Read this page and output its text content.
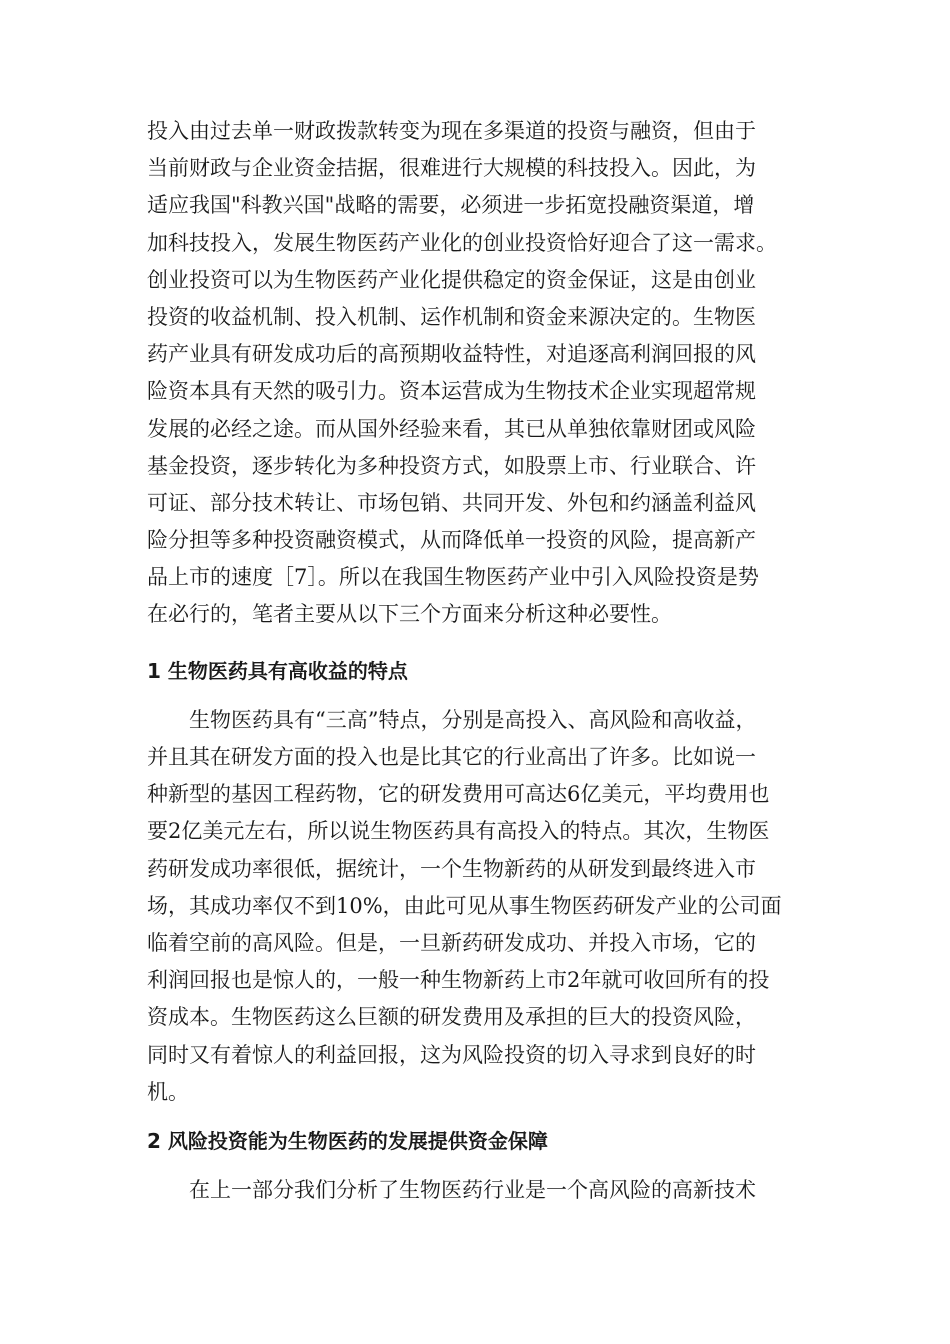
投入由过去单一财政拨款转变为现在多渠道的投资与融资，但由于
当前财政与企业资金拮据，很难进行大规模的科技投入。因此，为
适应我国"科教兴国"战略的需要，必须进一步拓宽投融资渠道，增
加科技投入，发展生物医药产业化的创业投资恰好迎合了这一需求。
创业投资可以为生物医药产业化提供稳定的资金保证，这是由创业
投资的收益机制、投入机制、运作机制和资金来源决定的。生物医
药产业具有研发成功后的高预期收益特性，对追逐高利润回报的风
险资本具有天然的吸引力。资本运营成为生物技术企业实现超常规
发展的必经之途。而从国外经验来看，其已从单独依靠财团或风险
基金投资，逐步转化为多种投资方式，如股票上市、行业联合、许
可证、部分技术转让、市场包销、共同开发、外包和约涵盖利益风
险分担等多种投资融资模式，从而降低单一投资的风险，提高新产
品上市的速度［7］。所以在我国生物医药产业中引入风险投资是势
在必行的，笔者主要从以下三个方面来分析这种必要性。
1 生物医药具有高收益的特点
生物医药具有“三高”特点，分别是高投入、高风险和高收益，
并且其在研发方面的投入也是比其它的行业高出了许多。比如说一
种新型的基因工程药物，它的研发费用可高达6亿美元，平均费用也
要2亿美元左右，所以说生物医药具有高投入的特点。其次，生物医
药研发成功率很低，据统计，一个生物新药的从研发到最终进入市
场，其成功率仅不到10%，由此可见从事生物医药研发产业的公司面
临着空前的高风险。但是，一旦新药研发成功、并投入市场，它的
利润回报也是惊人的，一般一种生物新药上市2年就可收回所有的投
资成本。生物医药这么巨额的研发费用及承担的巨大的投资风险，
同时又有着惊人的利益回报，这为风险投资的切入寻求到良好的时
机。
2 风险投资能为生物医药的发展提供资金保障
在上一部分我们分析了生物医药行业是一个高风险的高新技术
